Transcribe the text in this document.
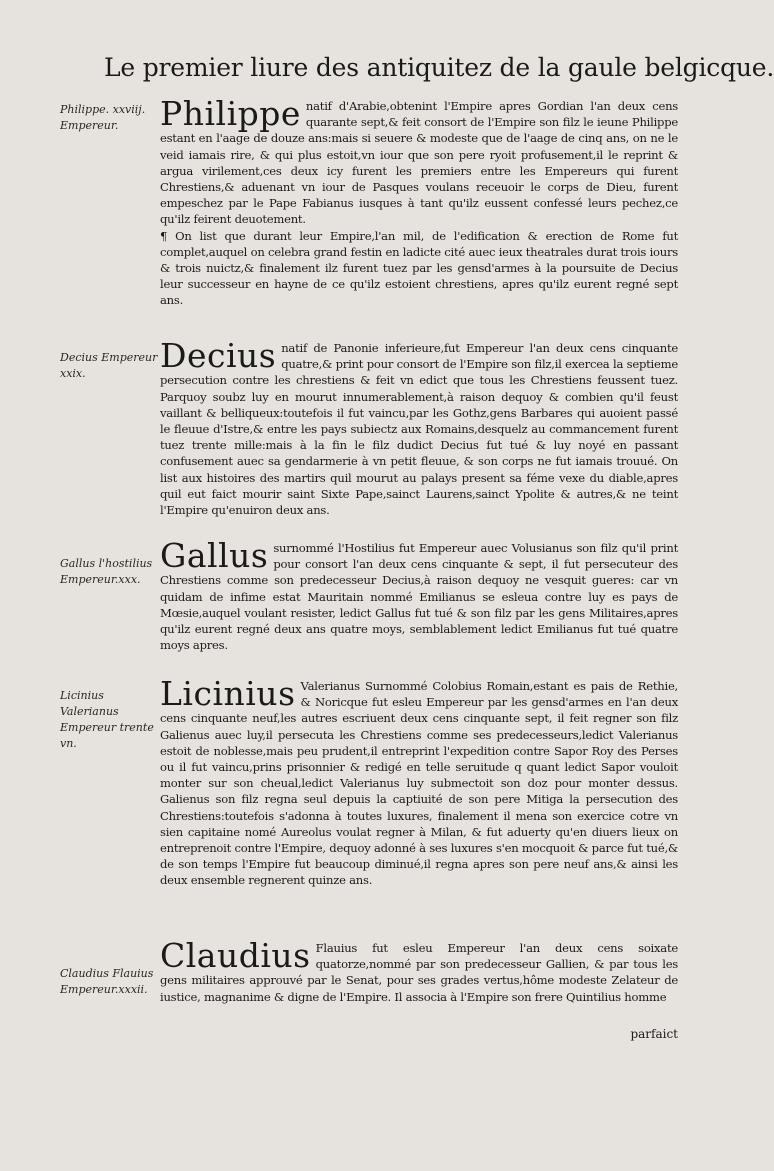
Le premier liure des antiquitez de la gaule belgicque.
Philippe. xxviij. Empereur.	Philippe natif d'Arabie,obtenint l'Empire apres Gordian l'an deux cens quarante sept,& feit consort de l'Empire son filz le ieune Philippe estant en l'aage de douze ans:mais si seuere & modeste que de l'aage de cinq ans, on ne le veid iamais rire, & qui plus estoit,vn iour que son pere ryoit profusement,il le reprint & argua virilement,ces deux icy furent les premiers entre les Empereurs qui furent Chrestiens,& aduenant vn iour de Pasques voulans receuoir le corps de Dieu, furent empeschez par le Pape Fabianus iusques à tant qu'ilz eussent confessé leurs pechez,ce qu'ilz feirent deuotement.

¶ On list que durant leur Empire,l'an mil, de l'edification & erection de Rome fut complet,auquel on celebra grand festin en ladicte cité auec ieux theatrales durat trois iours & trois nuictz,& finalement ilz furent tuez par les gensd'armes à la poursuite de Decius leur successeur en hayne de ce qu'ilz estoient chrestiens, apres qu'ilz eurent regné sept ans.

Decius Empereur xxix.	Decius natif de Panonie inferieure,fut Empereur l'an deux cens cinquante quatre,& print pour consort de l'Empire son filz,il exercea la septieme persecution contre les chrestiens & feit vn edict que tous les Chrestiens feussent tuez. Parquoy soubz luy en mourut innumerablement,à raison dequoy & combien qu'il feust vaillant & belliqueux:toutefois il fut vaincu,par les Gothz,gens Barbares qui auoient passé le fleuue d'Istre,& entre les pays subiectz aux Romains,desquelz au commancement furent tuez trente mille:mais à la fin le filz dudict Decius fut tué & luy noyé en passant confusement auec sa gendarmerie à vn petit fleuue, & son corps ne fut iamais trouué. On list aux histoires des martirs quil mourut au palays present sa féme vexe du diable,apres quil eut faict mourir saint Sixte Pape,sainct Laurens,sainct Ypolite & autres,& ne teint l'Empire qu'enuiron deux ans.
Gallus l'hostilius Empereur.xxx.
Gallus surnommé l'Hostilius fut Empereur auec Volusianus son filz qu'il print pour consort l'an deux cens cinquante & sept, il fut persecuteur des Chrestiens comme son predecesseur Decius,à raison dequoy ne vesquit gueres: car vn quidam de infime estat Mauritain nommé Emilianus se esleua contre luy es pays de Mœsie,auquel voulant resister, ledict Gallus fut tué & son filz par les gens Militaires,apres qu'ilz eurent regné deux ans quatre moys, semblablement ledict Emilianus fut tué quatre moys apres.
Licinius Valerianus Empereur trente vn.
Licinius Valerianus Surnommé Colobius Romain,estant es pais de Rethie, & Noricque fut esleu Empereur par les gensd'armes en l'an deux cens cinquante neuf,les autres escriuent deux cens cinquante sept, il feit regner son filz Galienus auec luy,il persecuta les Chrestiens comme ses predecesseurs,ledict Valerianus estoit de noblesse,mais peu prudent,il entreprint l'expedition contre Sapor Roy des Perses ou il fut vaincu,prins prisonnier & redigé en telle seruitude q quant ledict Sapor vouloit monter sur son cheual,ledict Valerianus luy submectoit son doz pour monter dessus. Galienus son filz regna seul depuis la captiuité de son pere Mitiga la persecution des Chrestiens:toutefois s'adonna à toutes luxures, finalement il mena son exercice cotre vn sien capitaine nomé Aureolus voulat regner à Milan, & fut aduerty qu'en diuers lieux on entreprenoit contre l'Empire, dequoy adonné à ses luxures s'en mocquoit & parce fut tué,& de son temps l'Empire fut beaucoup diminué,il regna apres son pere neuf ans,& ainsi les deux ensemble regnerent quinze ans.
Claudius Flauius Empereur.xxxii.
Claudius Flauius fut esleu Empereur l'an deux cens soixate quatorze,nommé par son predecesseur Gallien, & par tous les gens militaires approuvé par le Senat, pour ses grades vertus,hôme modeste Zelateur de iustice, magnanime & digne de l'Empire. Il associa à l'Empire son frere Quintilius homme
parfaict
